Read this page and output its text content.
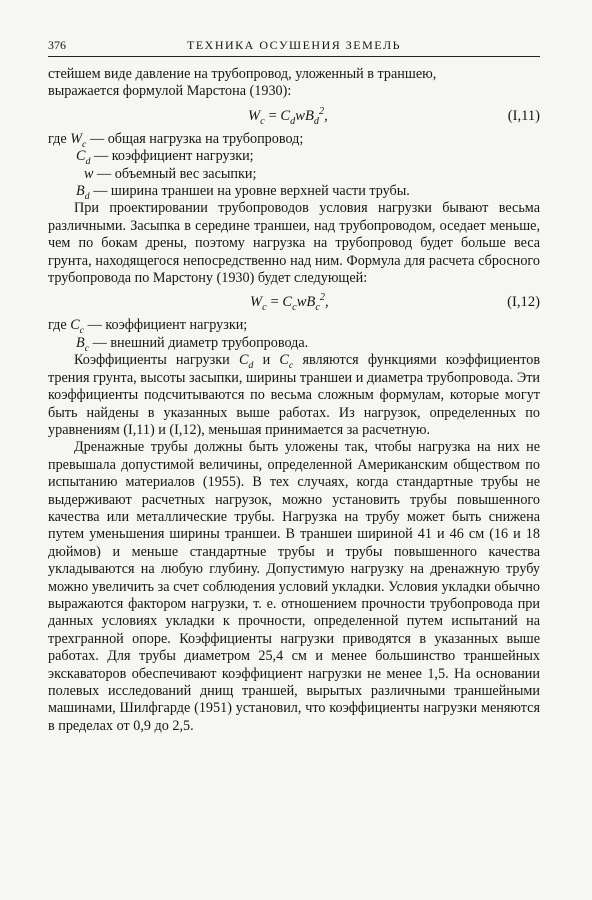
376	ТЕХНИКА ОСУШЕНИЯ ЗЕМЕЛЬ

стейшем виде давление на трубопровод, уложенный в траншею,
выражается формулой Марстона (1930):

$W_c = C_dwB_d^2$,	(I,11)
где $W_c$ — общая нагрузка на трубопровод;
$C_d$ — коэффициент нагрузки;
w — объемный вес засыпки;
$B_d$ — ширина траншеи на уровне верхней части трубы.

При проектировании трубопроводов условия нагрузки бывают весьма различными. Засыпка в середине траншеи, над трубопроводом, оседает меньше, чем по бокам дрены, поэтому нагрузка на трубопровод будет больше веса грунта, находящегося непосредственно над ним. Формула для расчета сбросного трубопровода по Марстону (1930) будет следующей:

$W_c = C_cwB_c^2$,	(I,12)
где $C_c$ — коэффициент нагрузки;
$B_c$ — внешний диаметр трубопровода.

Коэффициенты нагрузки $C_d$ и $C_c$ являются функциями коэффициентов трения грунта, высоты засыпки, ширины траншеи и диаметра трубопровода. Эти коэффициенты подсчитываются по весьма сложным формулам, которые могут быть найдены в указанных выше работах. Из нагрузок, определенных по уравнениям (I,11) и (I,12), меньшая принимается за расчетную.

Дренажные трубы должны быть уложены так, чтобы нагрузка на них не превышала допустимой величины, определенной Американским обществом по испытанию материалов (1955). В тех случаях, когда стандартные трубы не выдерживают расчетных нагрузок, можно установить трубы повышенного качества или металлические трубы. Нагрузка на трубу может быть снижена путем уменьшения ширины траншеи. В траншеи шириной 41 и 46 см (16 и 18 дюймов) и меньше стандартные трубы и трубы повышенного качества укладываются на любую глубину. Допустимую нагрузку на дренажную трубу можно увеличить за счет соблюдения условий укладки. Условия укладки обычно выражаются фактором нагрузки, т. е. отношением прочности трубопровода при данных условиях укладки к прочности, определенной путем испытаний на трехгранной опоре. Коэффициенты нагрузки приводятся в указанных выше работах. Для трубы диаметром 25,4 см и менее большинство траншейных экскаваторов обеспечивают коэффициент нагрузки не менее 1,5. На основании полевых исследований днищ траншей, вырытых различными траншейными машинами, Шилфгарде (1951) установил, что коэффициенты нагрузки меняются в пределах от 0,9 до 2,5.
